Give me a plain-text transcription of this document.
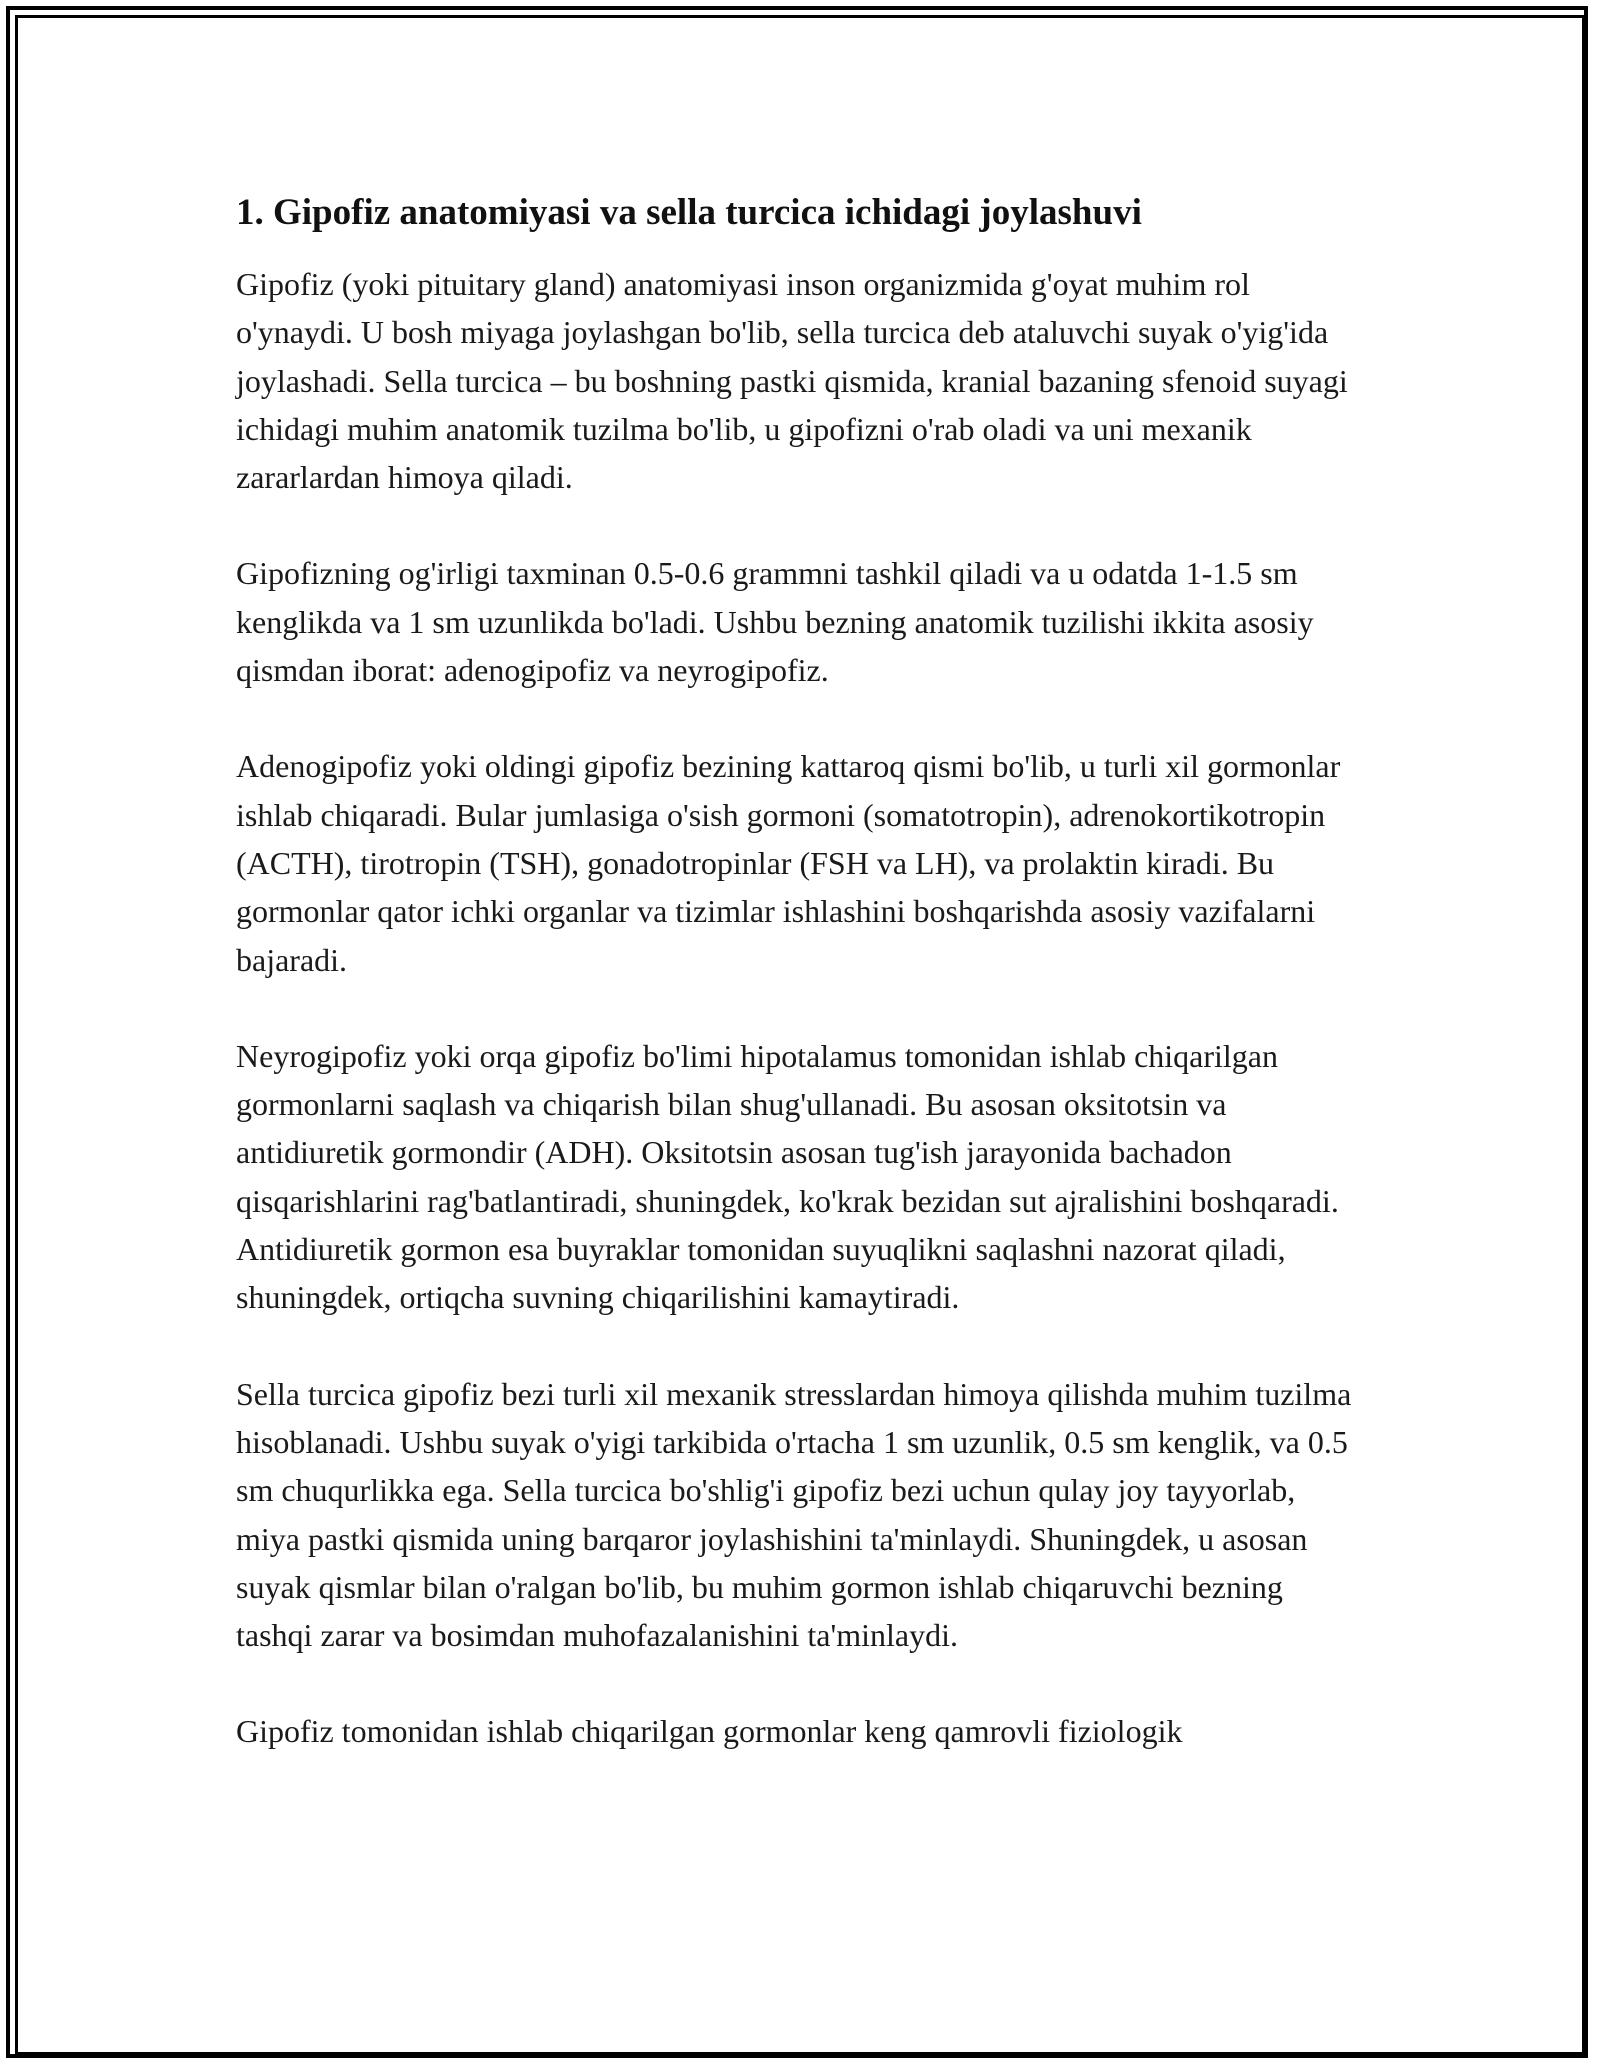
1. Gipofiz anatomiyasi va sella turcica ichidagi joylashuvi

Gipofiz (yoki pituitary gland) anatomiyasi inson organizmida g'oyat muhim rol o'ynaydi. U bosh miyaga joylashgan bo'lib, sella turcica deb ataluvchi suyak o'yig'ida joylashadi. Sella turcica – bu boshning pastki qismida, kranial bazaning sfenoid suyagi ichidagi muhim anatomik tuzilma bo'lib, u gipofizni o'rab oladi va uni mexanik zararlardan himoya qiladi.

Gipofizning og'irligi taxminan 0.5-0.6 grammni tashkil qiladi va u odatda 1-1.5 sm kenglikda va 1 sm uzunlikda bo'ladi. Ushbu bezning anatomik tuzilishi ikkita asosiy qismdan iborat: adenogipofiz va neyrogipofiz.

Adenogipofiz yoki oldingi gipofiz bezining kattaroq qismi bo'lib, u turli xil gormonlar ishlab chiqaradi. Bular jumlasiga o'sish gormoni (somatotropin), adrenokortikotropin (ACTH), tirotropin (TSH), gonadotropinlar (FSH va LH), va prolaktin kiradi. Bu gormonlar qator ichki organlar va tizimlar ishlashini boshqarishda asosiy vazifalarni bajaradi.

Neyrogipofiz yoki orqa gipofiz bo'limi hipotalamus tomonidan ishlab chiqarilgan gormonlarni saqlash va chiqarish bilan shug'ullanadi. Bu asosan oksitotsin va antidiuretik gormondir (ADH). Oksitotsin asosan tug'ish jarayonida bachadon qisqarishlarini rag'batlantiradi, shuningdek, ko'krak bezidan sut ajralishini boshqaradi. Antidiuretik gormon esa buyraklar tomonidan suyuqlikni saqlashni nazorat qiladi, shuningdek, ortiqcha suvning chiqarilishini kamaytiradi.

Sella turcica gipofiz bezi turli xil mexanik stresslardan himoya qilishda muhim tuzilma hisoblanadi. Ushbu suyak o'yigi tarkibida o'rtacha 1 sm uzunlik, 0.5 sm kenglik, va 0.5 sm chuqurlikka ega. Sella turcica bo'shlig'i gipofiz bezi uchun qulay joy tayyorlab, miya pastki qismida uning barqaror joylashishini ta'minlaydi. Shuningdek, u asosan suyak qismlar bilan o'ralgan bo'lib, bu muhim gormon ishlab chiqaruvchi bezning tashqi zarar va bosimdan muhofazalanishini ta'minlaydi.

Gipofiz tomonidan ishlab chiqarilgan gormonlar keng qamrovli fiziologik
